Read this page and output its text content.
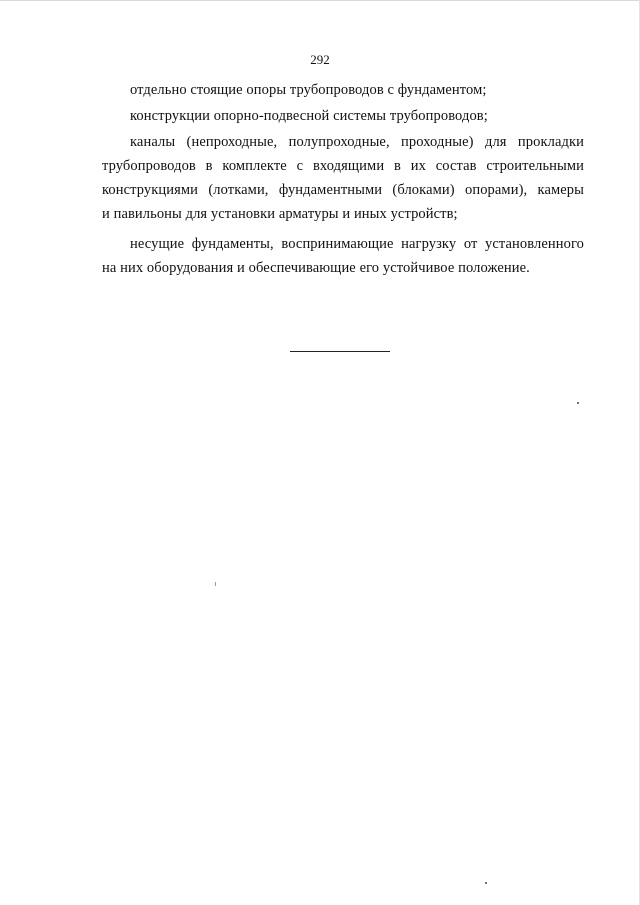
292
отдельно стоящие опоры трубопроводов с фундаментом;
конструкции опорно-подвесной системы трубопроводов;
каналы (непроходные, полупроходные, проходные) для прокладки
трубопроводов в комплекте с входящими в их состав строительными
конструкциями (лотками, фундаментными (блоками) опорами), камеры
и павильоны для установки арматуры и иных устройств;
несущие фундаменты, воспринимающие нагрузку от установленного
на них оборудования и обеспечивающие его устойчивое положение.
